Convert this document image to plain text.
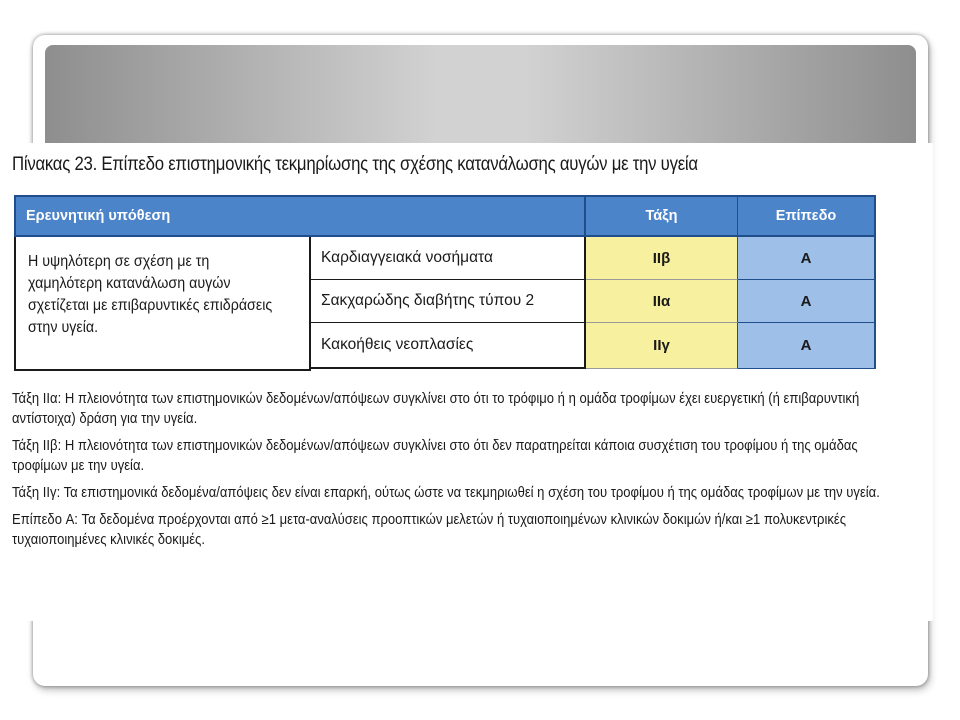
Πίνακας 23. Επίπεδο επιστημονικής τεκμηρίωσης της σχέσης κατανάλωσης αυγών με την υγεία
Ερευνητική υπόθεση	Τάξη	Επίπεδο
Η υψηλότερη σε σχέση με τη χαμηλότερη κατανάλωση αυγών σχετίζεται με επιβαρυντικές επιδράσεις στην υγεία.
Καρδιαγγειακά νοσήματα	IIβ	A
Σακχαρώδης διαβήτης τύπου 2	IIα	A
Κακοήθεις νεοπλασίες	IIγ	A

Τάξη IIα: Η πλειονότητα των επιστημονικών δεδομένων/απόψεων συγκλίνει στο ότι το τρόφιμο ή η ομάδα τροφίμων έχει ευεργετική (ή επιβαρυντική αντίστοιχα) δράση για την υγεία.

Τάξη IIβ: Η πλειονότητα των επιστημονικών δεδομένων/απόψεων συγκλίνει στο ότι δεν παρατηρείται κάποια συσχέτιση του τροφίμου ή της ομάδας τροφίμων με την υγεία.

Τάξη IIγ: Τα επιστημονικά δεδομένα/απόψεις δεν είναι επαρκή, ούτως ώστε να τεκμηριωθεί η σχέση του τροφίμου ή της ομάδας τροφίμων με την υγεία.

Επίπεδο A: Τα δεδομένα προέρχονται από ≥1 μετα-αναλύσεις προοπτικών μελετών ή τυχαιοποιημένων κλινικών δοκιμών ή/και ≥1 πολυκεντρικές τυχαιοποιημένες κλινικές δοκιμές.
